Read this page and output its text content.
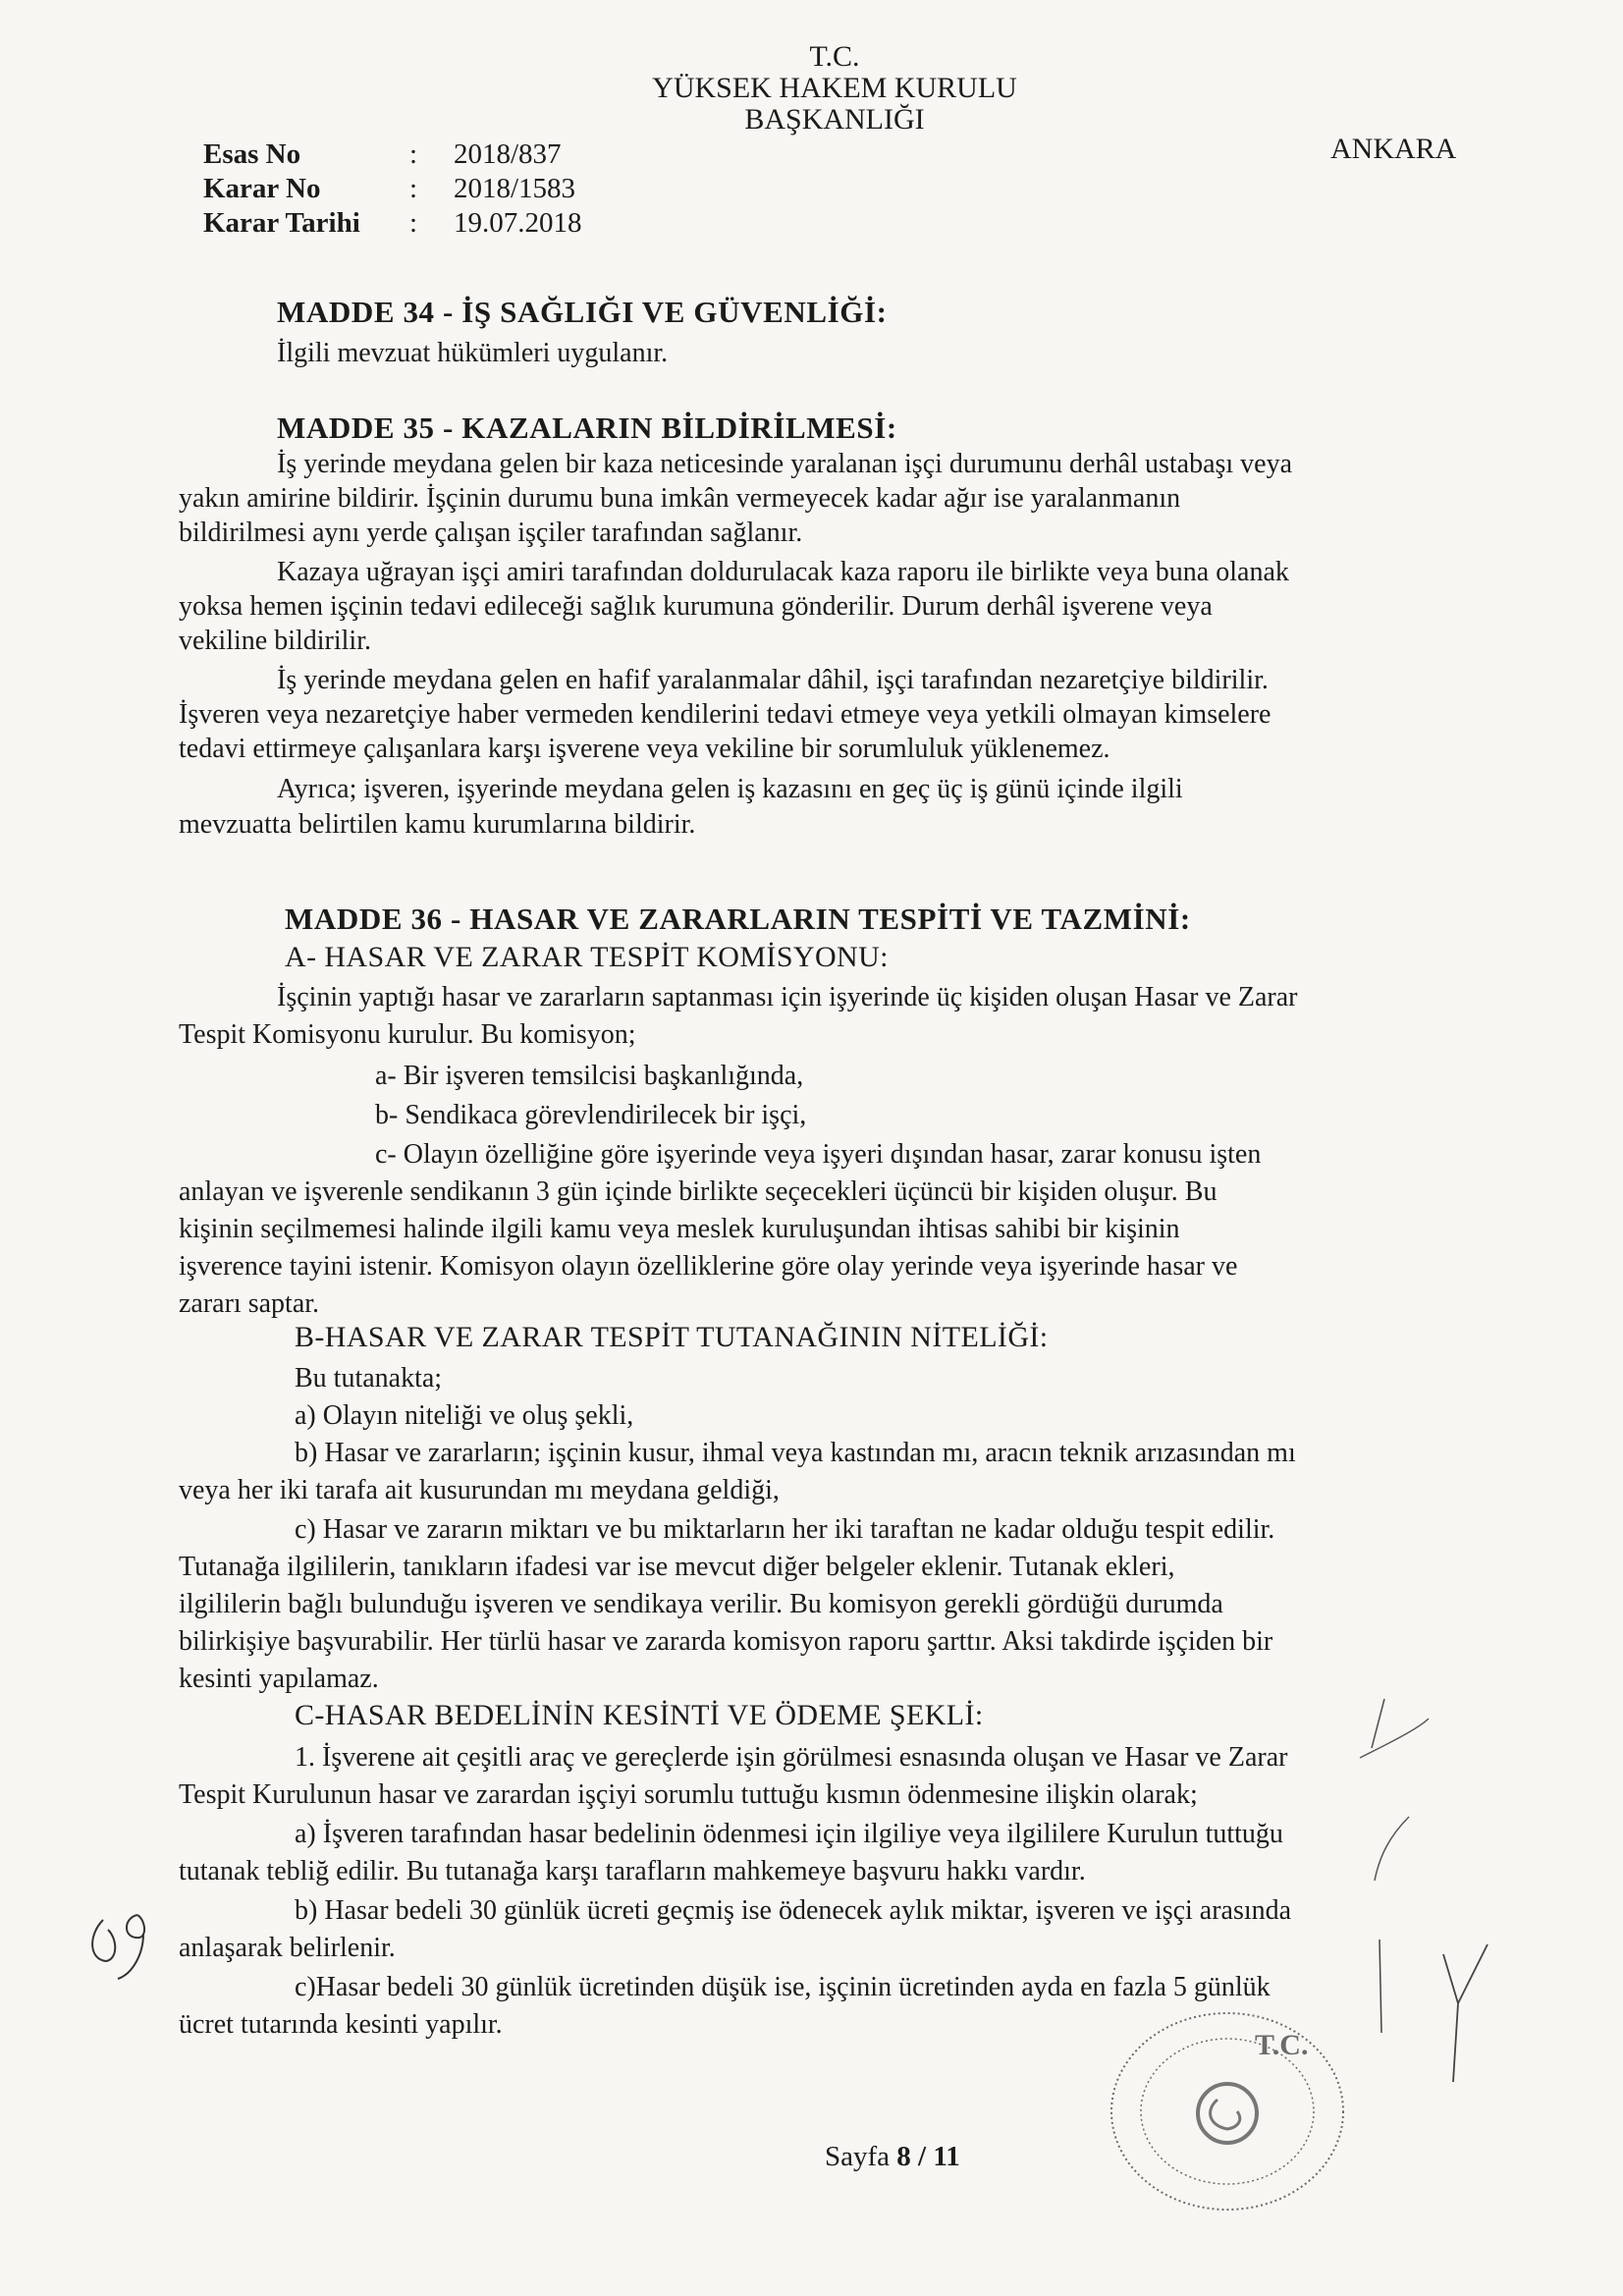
T.C.
YÜKSEK HAKEM KURULU
BAŞKANLIĞI
ANKARA
Esas No	:	2018/837
Karar No	:	2018/1583
Karar Tarihi	:	19.07.2018
MADDE 34 - İŞ SAĞLIĞI VE GÜVENLİĞİ:
İlgili mevzuat hükümleri uygulanır.
MADDE 35 - KAZALARIN BİLDİRİLMESİ:
İş yerinde meydana gelen bir kaza neticesinde yaralanan işçi durumunu derhâl ustabaşı veya
yakın amirine bildirir. İşçinin durumu buna imkân vermeyecek kadar ağır ise yaralanmanın
bildirilmesi aynı yerde çalışan işçiler tarafından sağlanır.
Kazaya uğrayan işçi amiri tarafından doldurulacak kaza raporu ile birlikte veya buna olanak
yoksa hemen işçinin tedavi edileceği sağlık kurumuna gönderilir. Durum derhâl işverene veya
vekiline bildirilir.
İş yerinde meydana gelen en hafif yaralanmalar dâhil, işçi tarafından nezaretçiye bildirilir.
İşveren veya nezaretçiye haber vermeden kendilerini tedavi etmeye veya yetkili olmayan kimselere
tedavi ettirmeye çalışanlara karşı işverene veya vekiline bir sorumluluk yüklenemez.
Ayrıca; işveren, işyerinde meydana gelen iş kazasını en geç üç iş günü içinde ilgili
mevzuatta belirtilen kamu kurumlarına bildirir.
MADDE 36 - HASAR VE ZARARLARIN TESPİTİ VE TAZMİNİ:
A- HASAR VE ZARAR TESPİT KOMİSYONU:
İşçinin yaptığı hasar ve zararların saptanması için işyerinde üç kişiden oluşan Hasar ve Zarar
Tespit Komisyonu kurulur. Bu komisyon;
a- Bir işveren temsilcisi başkanlığında,
b- Sendikaca görevlendirilecek bir işçi,
c- Olayın özelliğine göre işyerinde veya işyeri dışından hasar, zarar konusu işten
anlayan ve işverenle sendikanın 3 gün içinde birlikte seçecekleri üçüncü bir kişiden oluşur. Bu
kişinin seçilmemesi halinde ilgili kamu veya meslek kuruluşundan ihtisas sahibi bir kişinin
işverence tayini istenir. Komisyon olayın özelliklerine göre olay yerinde veya işyerinde hasar ve
zararı saptar.
B-HASAR VE ZARAR TESPİT TUTANAĞININ NİTELİĞİ:
Bu tutanakta;
a) Olayın niteliği ve oluş şekli,
b) Hasar ve zararların; işçinin kusur, ihmal veya kastından mı, aracın teknik arızasından mı
veya her iki tarafa ait kusurundan mı meydana geldiği,
c) Hasar ve zararın miktarı ve bu miktarların her iki taraftan ne kadar olduğu tespit edilir.
Tutanağa ilgililerin, tanıkların ifadesi var ise mevcut diğer belgeler eklenir. Tutanak ekleri,
ilgililerin bağlı bulunduğu işveren ve sendikaya verilir. Bu komisyon gerekli gördüğü durumda
bilirkişiye başvurabilir. Her türlü hasar ve zararda komisyon raporu şarttır. Aksi takdirde işçiden bir
kesinti yapılamaz.
C-HASAR BEDELİNİN KESİNTİ VE ÖDEME ŞEKLİ:
1. İşverene ait çeşitli araç ve gereçlerde işin görülmesi esnasında oluşan ve Hasar ve Zarar
Tespit Kurulunun hasar ve zarardan işçiyi sorumlu tuttuğu kısmın ödenmesine ilişkin olarak;
a) İşveren tarafından hasar bedelinin ödenmesi için ilgiliye veya ilgililere Kurulun tuttuğu
tutanak tebliğ edilir. Bu tutanağa karşı tarafların mahkemeye başvuru hakkı vardır.
b) Hasar bedeli 30 günlük ücreti geçmiş ise ödenecek aylık miktar, işveren ve işçi arasında
anlaşarak belirlenir.
c)Hasar bedeli 30 günlük ücretinden düşük ise, işçinin ücretinden ayda en fazla 5 günlük
ücret tutarında kesinti yapılır.
Sayfa 8 / 11
T.C.
